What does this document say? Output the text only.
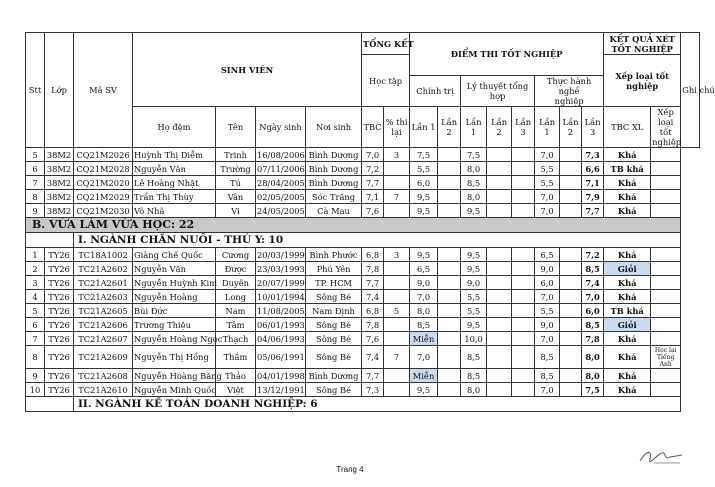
Stt	Lớp	Mã SV	SINH VIÊN				TỔNG KẾT		ĐIỂM THI TỐT NGHIỆP								KẾT QUẢ XÉT TỐT NGHIỆP		Ghi chú
							Học tập										Xếp loại tốt nghiệp		
									Chính trị		Lý thuyết tổng hợp			Thực hành nghề nghiệp					
			Họ đệm	Tên	Ngày sinh	Nơi sinh	TBC	% thi lại	Lần 1	Lần 2	Lần 1	Lần 2	Lần 3	Lần 1	Lần 2	Lần 3	TBC XL	Xếp loại tốt nghiệp	
5	38M2	CQ21M2026	Huỳnh Thị Diễm	Trinh	16/08/2006	Bình Dương	7,0	3	7,5		7,5			7,0		7,3	Khá		
6	38M2	CQ21M2028	Nguyễn Văn	Trường	07/11/2006	Bình Dương	7,2		5,5		8,0			5,5		6,6	TB khá		
7	38M2	CQ21M2020	Lê Hoàng Nhật	Tú	28/04/2005	Bình Dương	7,7		6,0		8,5			5,5		7,1	Khá		
8	38M2	CQ21M2029	Trần Thị Thùy	Vân	02/05/2005	Sóc Trăng	7,1	7	9,5		8,0			7,0		7,9	Khá		
9	38M2	CQ21M2030	Võ Nhã	Vi	24/05/2005	Cà Mau	7,6		9,5		9,5			7,0		7,7	Khá		
B. VỪA LÀM VỪA HỌC: 22																			
		I. NGÀNH CHĂN NUÔI - THÚ Y: 10																	
1	TY26	TC18A1002	Giàng Chế Quốc	Cương	20/03/1999	Bình Phước	6,8	3	9,5		9,5			6,5		7,2	Khá		
2	TY26	TC21A2602	Nguyễn Văn	Được	23/03/1993	Phú Yên	7,8		6,5		9,5			9,0		8,5	Giỏi		
3	TY26	TC21A2601	Nguyễn Huỳnh Kim	Duyên	20/07/1999	TP. HCM	7,7		9,0		9,0			6,0		7,4	Khá		
4	TY26	TC21A2603	Nguyễn Hoàng	Long	10/01/1994	Sông Bé	7,4		7,0		5,5			7,0		7,0	Khá		
5	TY26	TC21A2605	Bùi Đức	Nam	11/08/2005	Nam Định	6,8	5	8,0		5,5			5,5		6,0	TB khá		
6	TY26	TC21A2606	Trương Thiệu	Tâm	06/01/1993	Sông Bé	7,8		8,5		9,5			9,0		8,5	Giỏi		
7	TY26	TC21A2607	Nguyễn Hoàng Ngọc	Thạch	04/06/1993	Sông Bé	7,6		Miễn		10,0			7,0		7,8	Khá		
8	TY26	TC21A2609	Nguyễn Thị Hồng	Thắm	05/06/1991	Sông Bé	7,4	7	7,0		8,5			8,5		8,0	Khá	Học lại Tiếng Anh	
9	TY26	TC21A2608	Nguyễn Hoàng Băng	Thảo	04/01/1998	Bình Dương	7,7		Miễn		8,5			8,5		8,0	Khá		
10	TY26	TC21A2610	Nguyễn Minh Quốc	Việt	13/12/1991	Sông Bé	7,3		9,5		8,0			7,0		7,5	Khá		
		II. NGÀNH KẾ TOÁN DOANH NGHIỆP: 6																	
Trang 4
